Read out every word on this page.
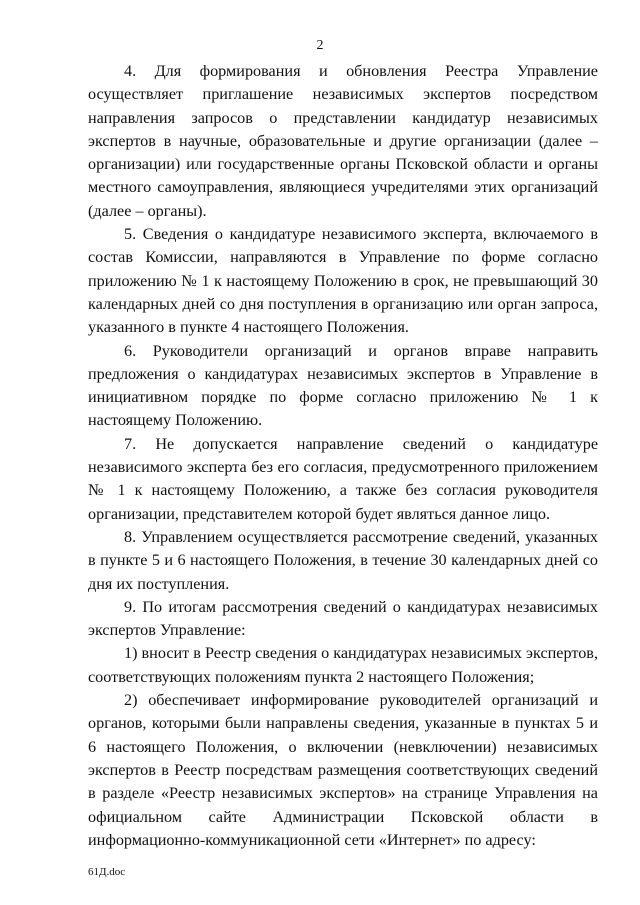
2

4. Для формирования и обновления Реестра Управление осуществляет приглашение независимых экспертов посредством направления запросов о представлении кандидатур независимых экспертов в научные, образовательные и другие организации (далее – организации) или государственные органы Псковской области и органы местного самоуправления, являющиеся учредителями этих организаций (далее – органы).

5. Сведения о кандидатуре независимого эксперта, включаемого в состав Комиссии, направляются в Управление по форме согласно приложению № 1 к настоящему Положению в срок, не превышающий 30 календарных дней со дня поступления в организацию или орган запроса, указанного в пункте 4 настоящего Положения.

6. Руководители организаций и органов вправе направить предложения о кандидатурах независимых экспертов в Управление в инициативном порядке по форме согласно приложению № 1 к настоящему Положению.

7. Не допускается направление сведений о кандидатуре независимого эксперта без его согласия, предусмотренного приложением № 1 к настоящему Положению, а также без согласия руководителя организации, представителем которой будет являться данное лицо.

8. Управлением осуществляется рассмотрение сведений, указанных в пункте 5 и 6 настоящего Положения, в течение 30 календарных дней со дня их поступления.

9. По итогам рассмотрения сведений о кандидатурах независимых экспертов Управление:

1) вносит в Реестр сведения о кандидатурах независимых экспертов, соответствующих положениям пункта 2 настоящего Положения;

2) обеспечивает информирование руководителей организаций и органов, которыми были направлены сведения, указанные в пунктах 5 и 6 настоящего Положения, о включении (невключении) независимых экспертов в Реестр посредствам размещения соответствующих сведений в разделе «Реестр независимых экспертов» на странице Управления на официальном сайте Администрации Псковской области в информационно-коммуникационной сети «Интернет» по адресу:

61Д.doc
